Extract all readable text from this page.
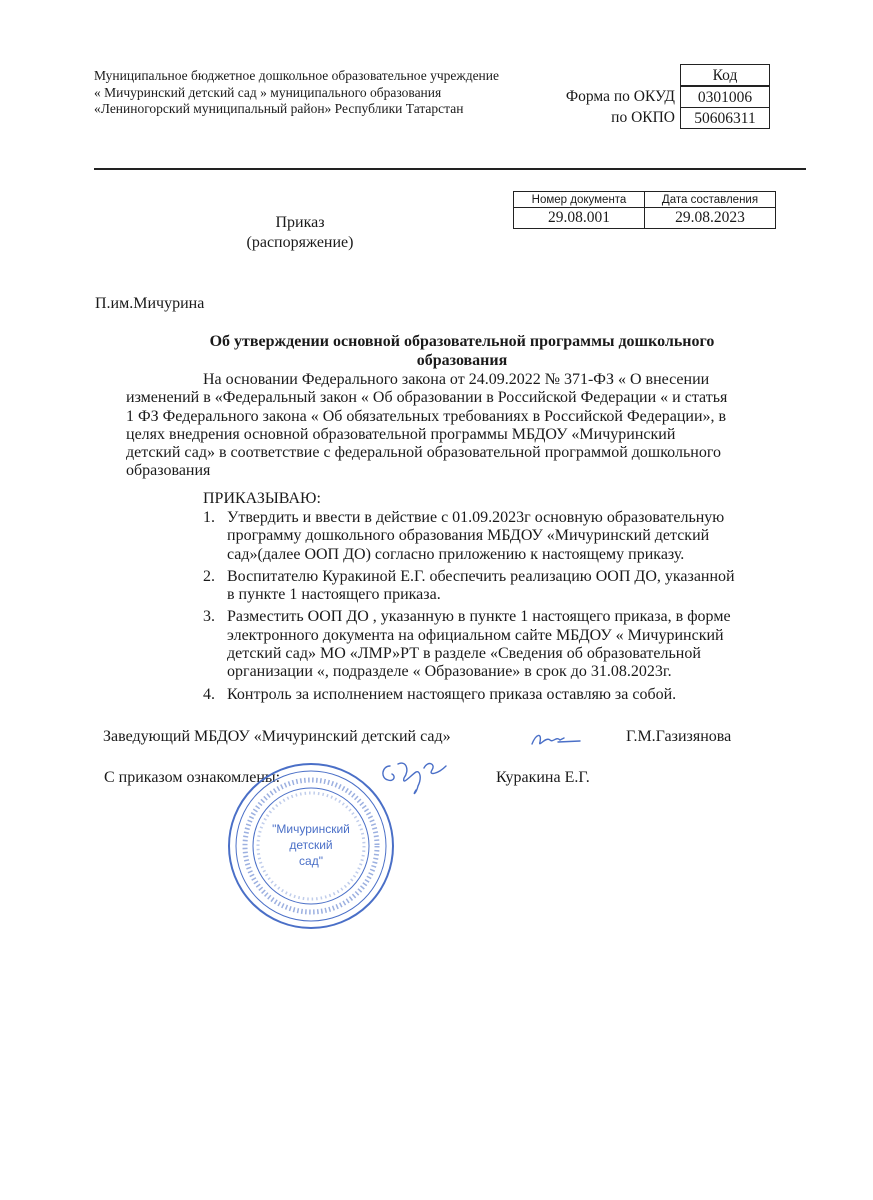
Муниципальное бюджетное дошкольное образовательное учреждение
« Мичуринский детский сад » муниципального образования
«Лениногорский муниципальный район» Республики Татарстан
Код
Форма по ОКУД	0301006
по ОКПО	50606311
Номер документа	Дата составления
29.08.001	29.08.2023
Приказ
(распоряжение)
П.им.Мичурина
Об утверждении основной образовательной программы дошкольного
образования
На основании Федерального закона от 24.09.2022 № 371-ФЗ « О внесении
изменений в «Федеральный закон « Об образовании в Российской Федерации « и статья
1 ФЗ Федерального закона « Об обязательных требованиях в Российской Федерации», в
целях внедрения основной образовательной программы МБДОУ «Мичуринский
детский сад» в соответствие с федеральной образовательной программой дошкольного
образования
ПРИКАЗЫВАЮ:
1. Утвердить и ввести в действие с 01.09.2023г основную образовательную
программу дошкольного образования МБДОУ «Мичуринский детский
сад»(далее ООП ДО) согласно приложению к настоящему приказу.
2. Воспитателю Куракиной Е.Г. обеспечить реализацию ООП ДО, указанной
в пункте 1 настоящего приказа.
3. Разместить ООП ДО , указанную в пункте 1 настоящего приказа, в форме
электронного документа на официальном сайте МБДОУ « Мичуринский
детский сад» МО «ЛМР»РТ в разделе «Сведения об образовательной
организации «, подразделе « Образование» в срок до 31.08.2023г.
4. Контроль за исполнением настоящего приказа оставляю за собой.
Заведующий МБДОУ «Мичуринский детский сад»	Г.М.Газизянова
С приказом ознакомлены:	Куракина Е.Г.
"Мичуринский
детский
сад"
